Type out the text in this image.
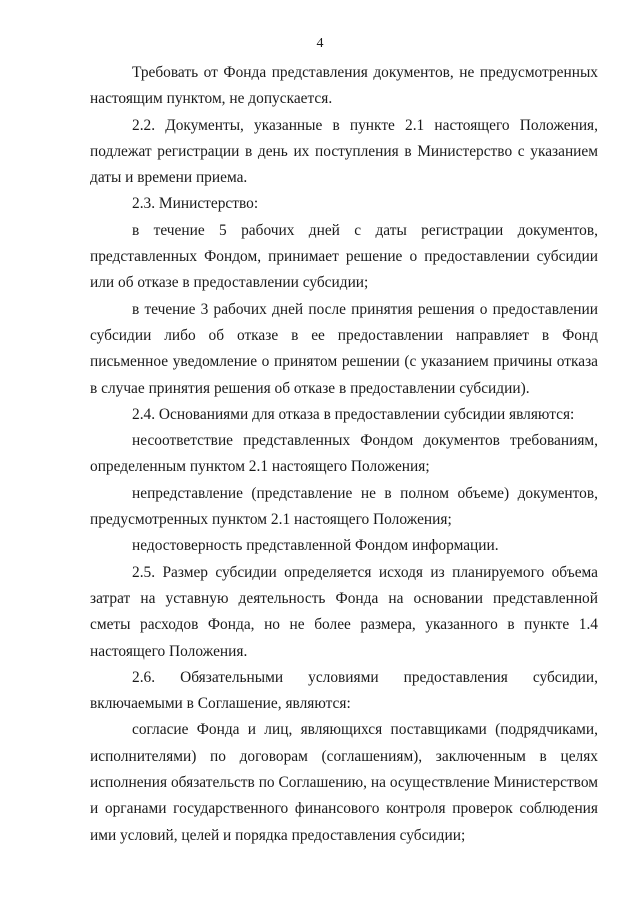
4

Требовать от Фонда представления документов, не предусмотренных настоящим пунктом, не допускается.

2.2. Документы, указанные в пункте 2.1 настоящего Положения, подлежат регистрации в день их поступления в Министерство с указанием даты и времени приема.

2.3. Министерство:

в течение 5 рабочих дней с даты регистрации документов, представленных Фондом, принимает решение о предоставлении субсидии или об отказе в предоставлении субсидии;

в течение 3 рабочих дней после принятия решения о предоставлении субсидии либо об отказе в ее предоставлении направляет в Фонд письменное уведомление о принятом решении (с указанием причины отказа в случае принятия решения об отказе в предоставлении субсидии).

2.4. Основаниями для отказа в предоставлении субсидии являются:

несоответствие представленных Фондом документов требованиям, определенным пунктом 2.1 настоящего Положения;

непредставление (представление не в полном объеме) документов, предусмотренных пунктом 2.1 настоящего Положения;

недостоверность представленной Фондом информации.

2.5. Размер субсидии определяется исходя из планируемого объема затрат на уставную деятельность Фонда на основании представленной сметы расходов Фонда, но не более размера, указанного в пункте 1.4 настоящего Положения.

2.6. Обязательными условиями предоставления субсидии, включаемыми в Соглашение, являются:

согласие Фонда и лиц, являющихся поставщиками (подрядчиками, исполнителями) по договорам (соглашениям), заключенным в целях исполнения обязательств по Соглашению, на осуществление Министерством и органами государственного финансового контроля проверок соблюдения ими условий, целей и порядка предоставления субсидии;
